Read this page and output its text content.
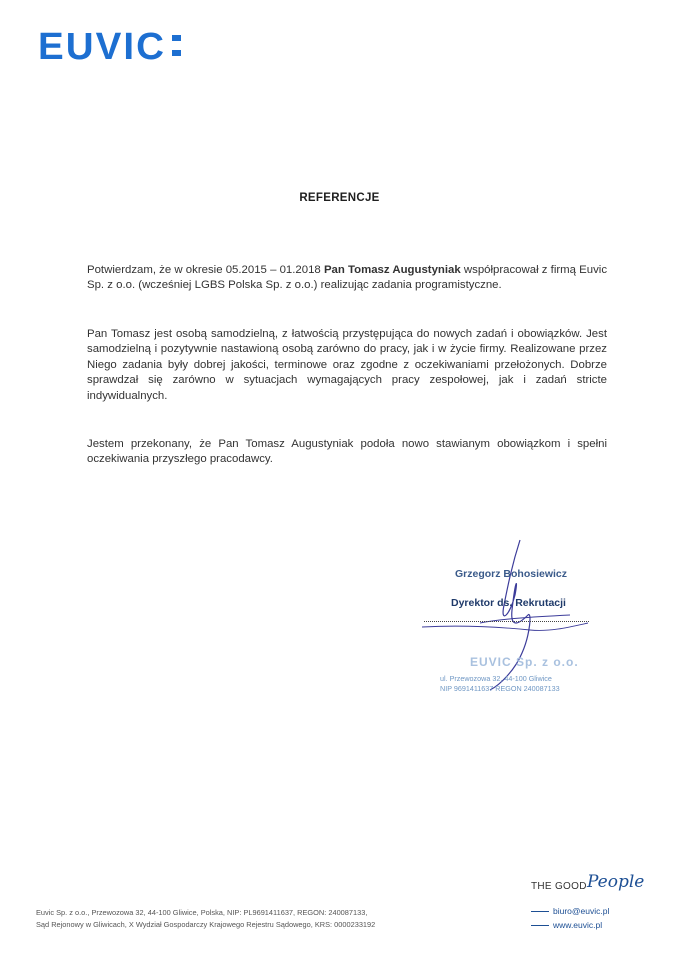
EUVIC
REFERENCJE

Potwierdzam, że w okresie 05.2015 – 01.2018 Pan Tomasz Augustyniak współpracował z firmą Euvic Sp. z o.o. (wcześniej LGBS Polska Sp. z o.o.) realizując zadania programistyczne.

Pan Tomasz jest osobą samodzielną, z łatwością przystępująca do nowych zadań i obowiązków. Jest samodzielną i pozytywnie nastawioną osobą zarówno do pracy, jak i w życie firmy. Realizowane przez Niego zadania były dobrej jakości, terminowe oraz zgodne z oczekiwaniami przełożonych. Dobrze sprawdzał się zarówno w sytuacjach wymagających pracy zespołowej, jak i zadań stricte indywidualnych.

Jestem przekonany, że Pan Tomasz Augustyniak podoła nowo stawianym obowiązkom i spełni oczekiwania przyszłego pracodawcy.

Grzegorz Bohosiewicz
Dyrektor ds. Rekrutacji
EUVIC Sp. z o.o.
ul. Przewozowa 32, 44-100 Gliwice
NIP 9691411637 REGON 240087133
Euvic Sp. z o.o., Przewozowa 32, 44-100 Gliwice, Polska, NIP: PL9691411637, REGON: 240087133,
Sąd Rejonowy w Gliwicach, X Wydział Gospodarczy Krajowego Rejestru Sądowego, KRS: 0000233192
THE GOOD People
biuro@euvic.pl
www.euvic.pl
